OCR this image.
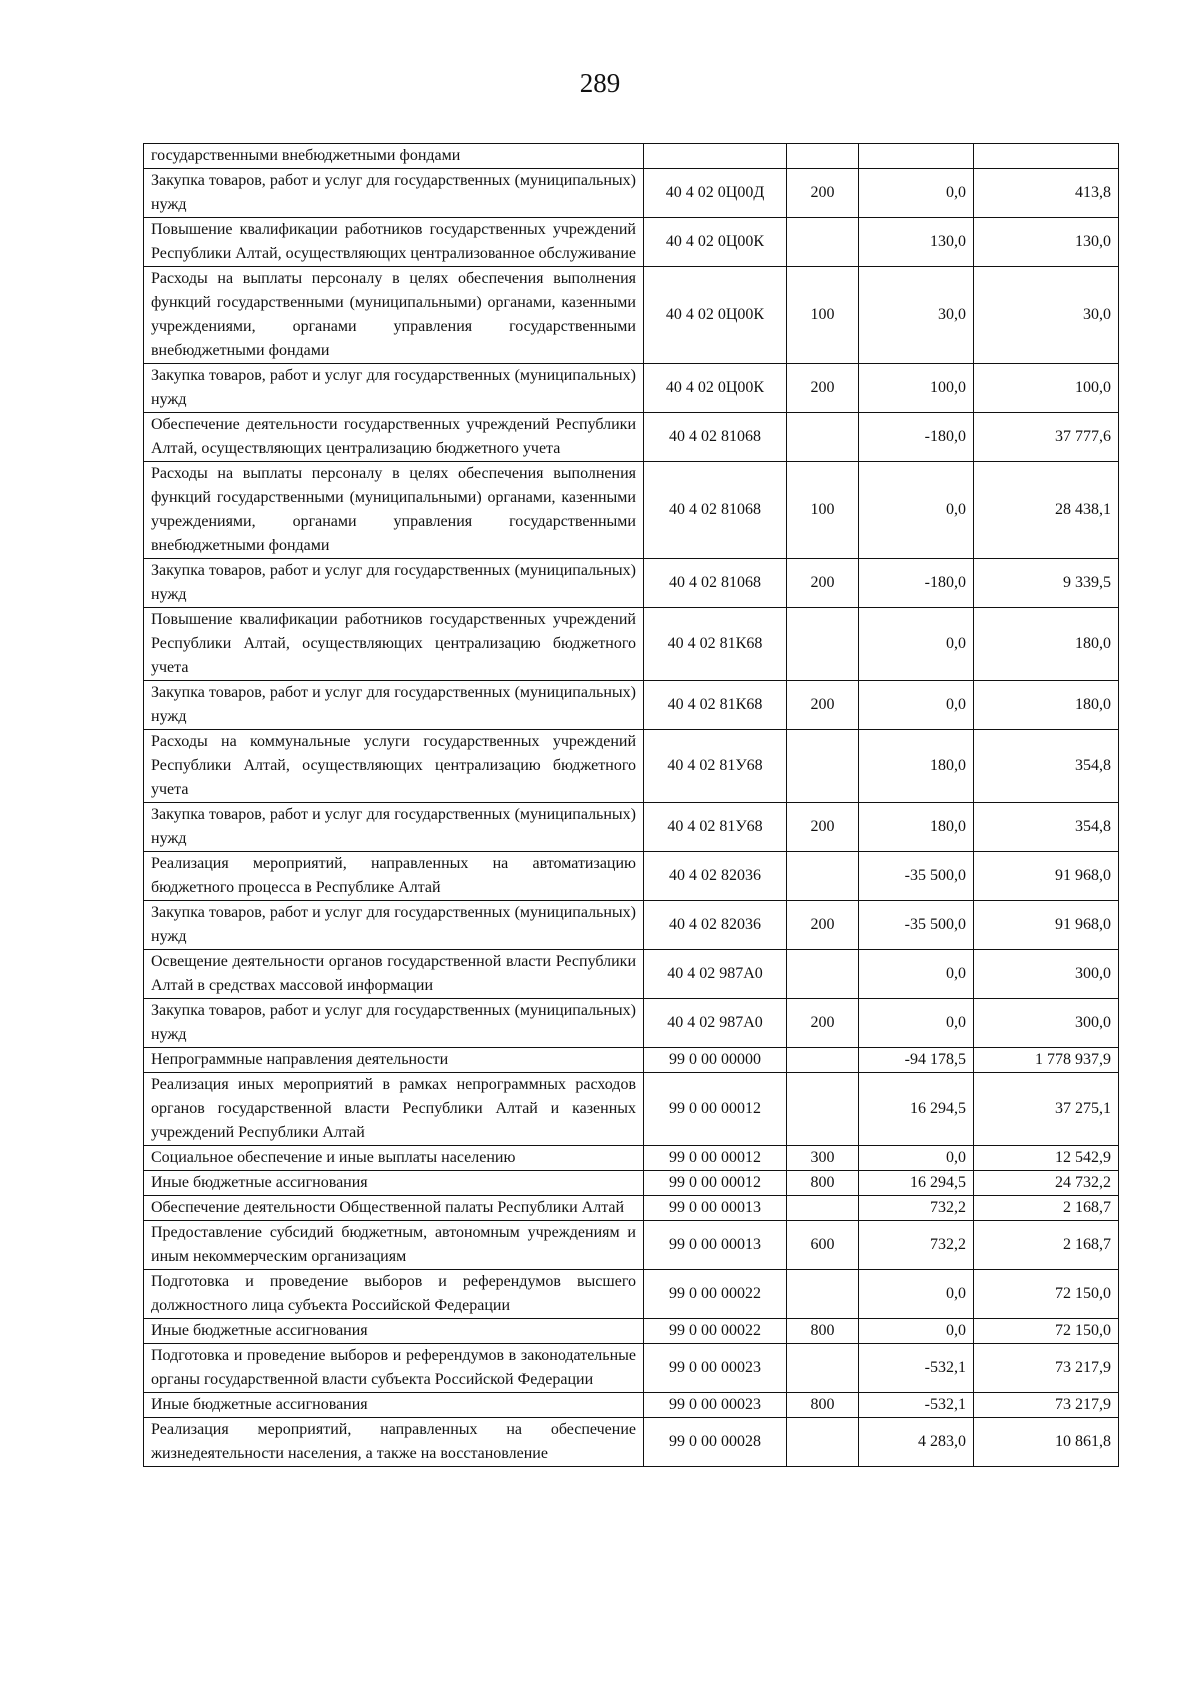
289
государственными внебюджетными фондами				
Закупка товаров, работ и услуг для государственных (муниципальных) нужд	40 4 02 0Ц00Д	200	0,0	413,8
Повышение квалификации работников государственных учреждений Республики Алтай, осуществляющих централизованное обслуживание	40 4 02 0Ц00К		130,0	130,0
Расходы на выплаты персоналу в целях обеспечения выполнения функций государственными (муниципальными) органами, казенными учреждениями, органами управления государственными внебюджетными фондами	40 4 02 0Ц00К	100	30,0	30,0
Закупка товаров, работ и услуг для государственных (муниципальных) нужд	40 4 02 0Ц00К	200	100,0	100,0
Обеспечение деятельности государственных учреждений Республики Алтай, осуществляющих централизацию бюджетного учета	40 4 02 81068		-180,0	37 777,6
Расходы на выплаты персоналу в целях обеспечения выполнения функций государственными (муниципальными) органами, казенными учреждениями, органами управления государственными внебюджетными фондами	40 4 02 81068	100	0,0	28 438,1
Закупка товаров, работ и услуг для государственных (муниципальных) нужд	40 4 02 81068	200	-180,0	9 339,5
Повышение квалификации работников государственных учреждений Республики Алтай, осуществляющих централизацию бюджетного учета	40 4 02 81К68		0,0	180,0
Закупка товаров, работ и услуг для государственных (муниципальных) нужд	40 4 02 81К68	200	0,0	180,0
Расходы на коммунальные услуги государственных учреждений Республики Алтай, осуществляющих централизацию бюджетного учета	40 4 02 81У68		180,0	354,8
Закупка товаров, работ и услуг для государственных (муниципальных) нужд	40 4 02 81У68	200	180,0	354,8
Реализация мероприятий, направленных на автоматизацию бюджетного процесса в Республике Алтай	40 4 02 82036		-35 500,0	91 968,0
Закупка товаров, работ и услуг для государственных (муниципальных) нужд	40 4 02 82036	200	-35 500,0	91 968,0
Освещение деятельности органов государственной власти Республики Алтай в средствах массовой информации	40 4 02 987А0		0,0	300,0
Закупка товаров, работ и услуг для государственных (муниципальных) нужд	40 4 02 987А0	200	0,0	300,0
Непрограммные направления деятельности	99 0 00 00000		-94 178,5	1 778 937,9
Реализация иных мероприятий в рамках непрограммных расходов органов государственной власти Республики Алтай и казенных учреждений Республики Алтай	99 0 00 00012		16 294,5	37 275,1
Социальное обеспечение и иные выплаты населению	99 0 00 00012	300	0,0	12 542,9
Иные бюджетные ассигнования	99 0 00 00012	800	16 294,5	24 732,2
Обеспечение деятельности Общественной палаты Республики Алтай	99 0 00 00013		732,2	2 168,7
Предоставление субсидий бюджетным, автономным учреждениям и иным некоммерческим организациям	99 0 00 00013	600	732,2	2 168,7
Подготовка и проведение выборов и референдумов высшего должностного лица субъекта Российской Федерации	99 0 00 00022		0,0	72 150,0
Иные бюджетные ассигнования	99 0 00 00022	800	0,0	72 150,0
Подготовка и проведение выборов и референдумов в законодательные органы государственной власти субъекта Российской Федерации	99 0 00 00023		-532,1	73 217,9
Иные бюджетные ассигнования	99 0 00 00023	800	-532,1	73 217,9
Реализация мероприятий, направленных на обеспечение жизнедеятельности населения, а также на восстановление	99 0 00 00028		4 283,0	10 861,8
